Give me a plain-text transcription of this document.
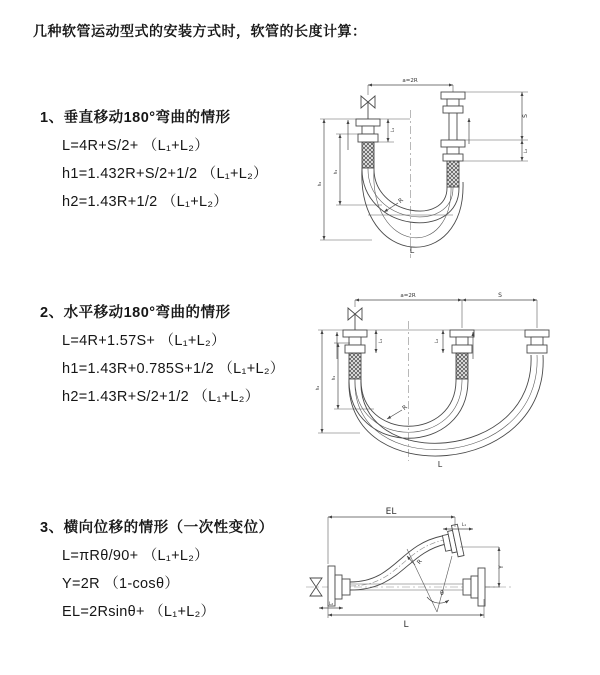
几种软管运动型式的安装方式时，软管的长度计算：
1、垂直移动180°弯曲的情形
L=4R+S/2+ （L₁+L₂）
h1=1.432R+S/2+1/2 （L₁+L₂）
h2=1.43R+1/2 （L₁+L₂）
2、水平移动180°弯曲的情形
L=4R+1.57S+ （L₁+L₂）
h1=1.43R+0.785S+1/2 （L₁+L₂）
h2=1.43R+S/2+1/2 （L₁+L₂）
3、横向位移的情形（一次性变位）
L=πRθ/90+ （L₁+L₂）
Y=2R （1-cosθ）
EL=2Rsinθ+ （L₁+L₂）
a=2R
L₁
S
L₂
h₂
h₁
R
L
a=2R	S
L₁	L₂
h₂
h₁
R
L
EL
L₁
Y
R
θ
L₂
L
